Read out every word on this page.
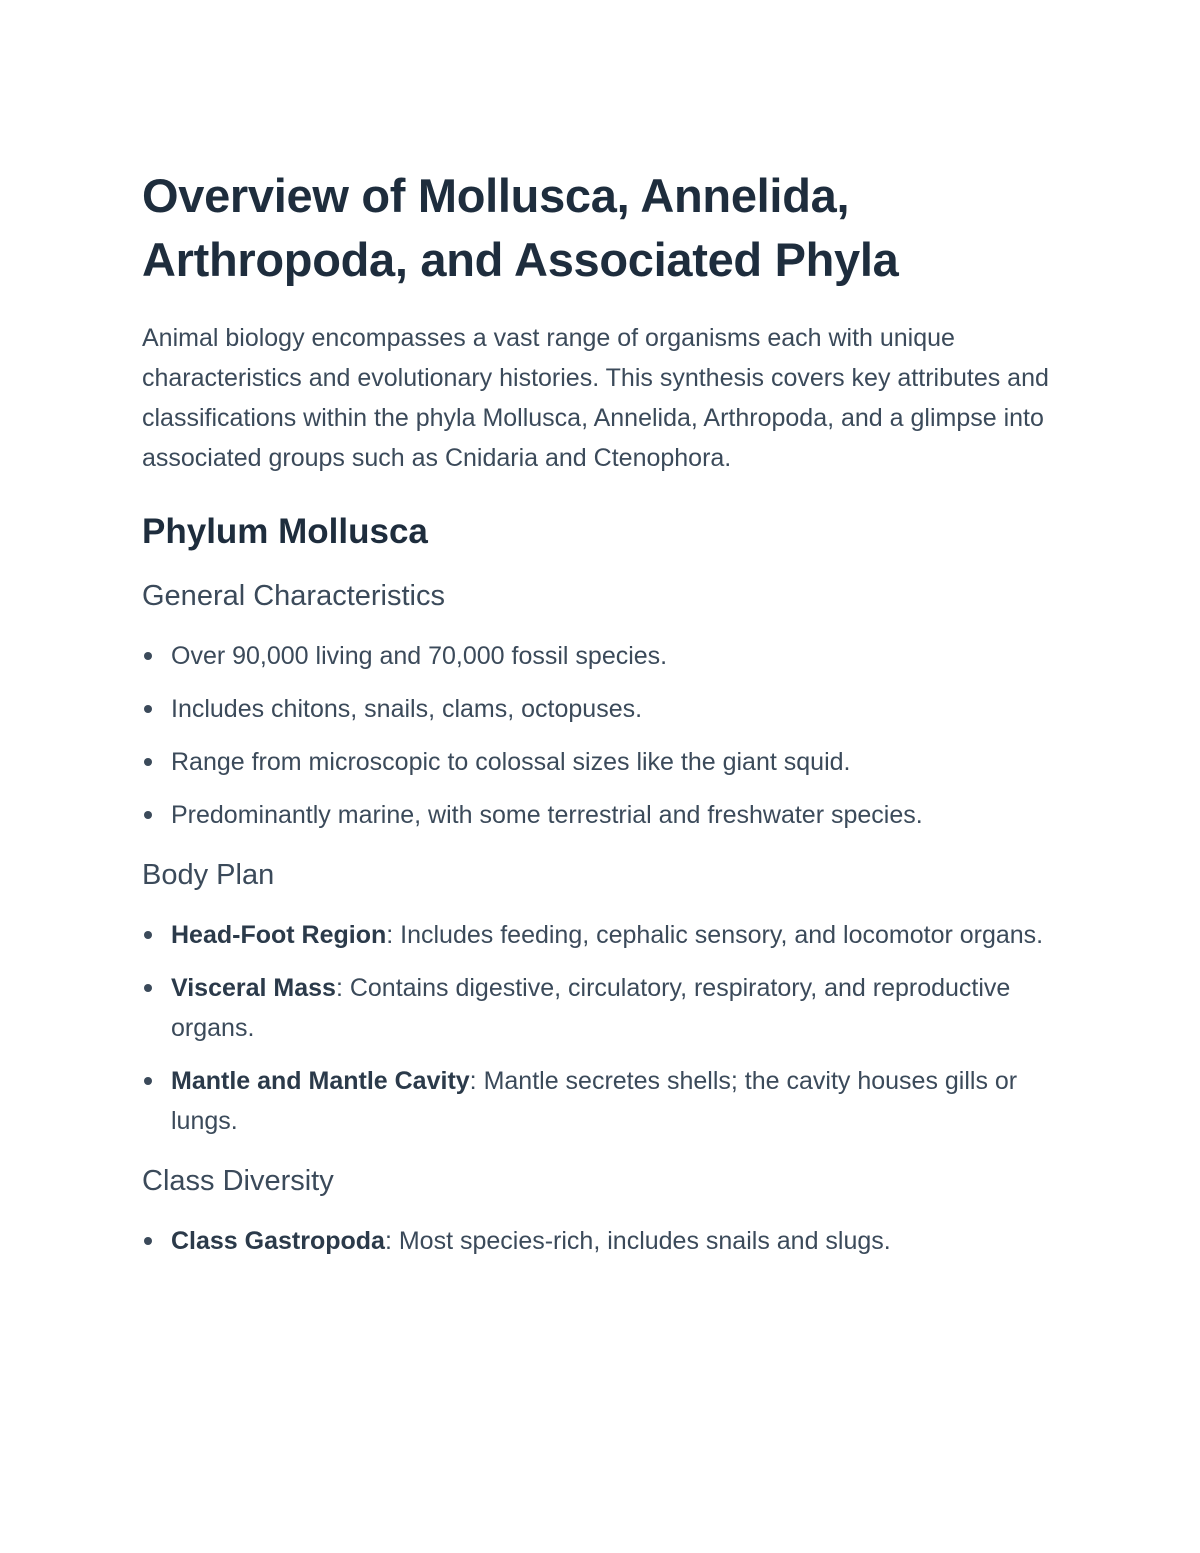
Overview of Mollusca, Annelida, Arthropoda, and Associated Phyla

Animal biology encompasses a vast range of organisms each with unique characteristics and evolutionary histories. This synthesis covers key attributes and classifications within the phyla Mollusca, Annelida, Arthropoda, and a glimpse into associated groups such as Cnidaria and Ctenophora.

Phylum Mollusca
General Characteristics
Over 90,000 living and 70,000 fossil species.
Includes chitons, snails, clams, octopuses.
Range from microscopic to colossal sizes like the giant squid.
Predominantly marine, with some terrestrial and freshwater species.
Body Plan
Head-Foot Region: Includes feeding, cephalic sensory, and locomotor organs.
Visceral Mass: Contains digestive, circulatory, respiratory, and reproductive organs.
Mantle and Mantle Cavity: Mantle secretes shells; the cavity houses gills or lungs.
Class Diversity
Class Gastropoda: Most species-rich, includes snails and slugs.
